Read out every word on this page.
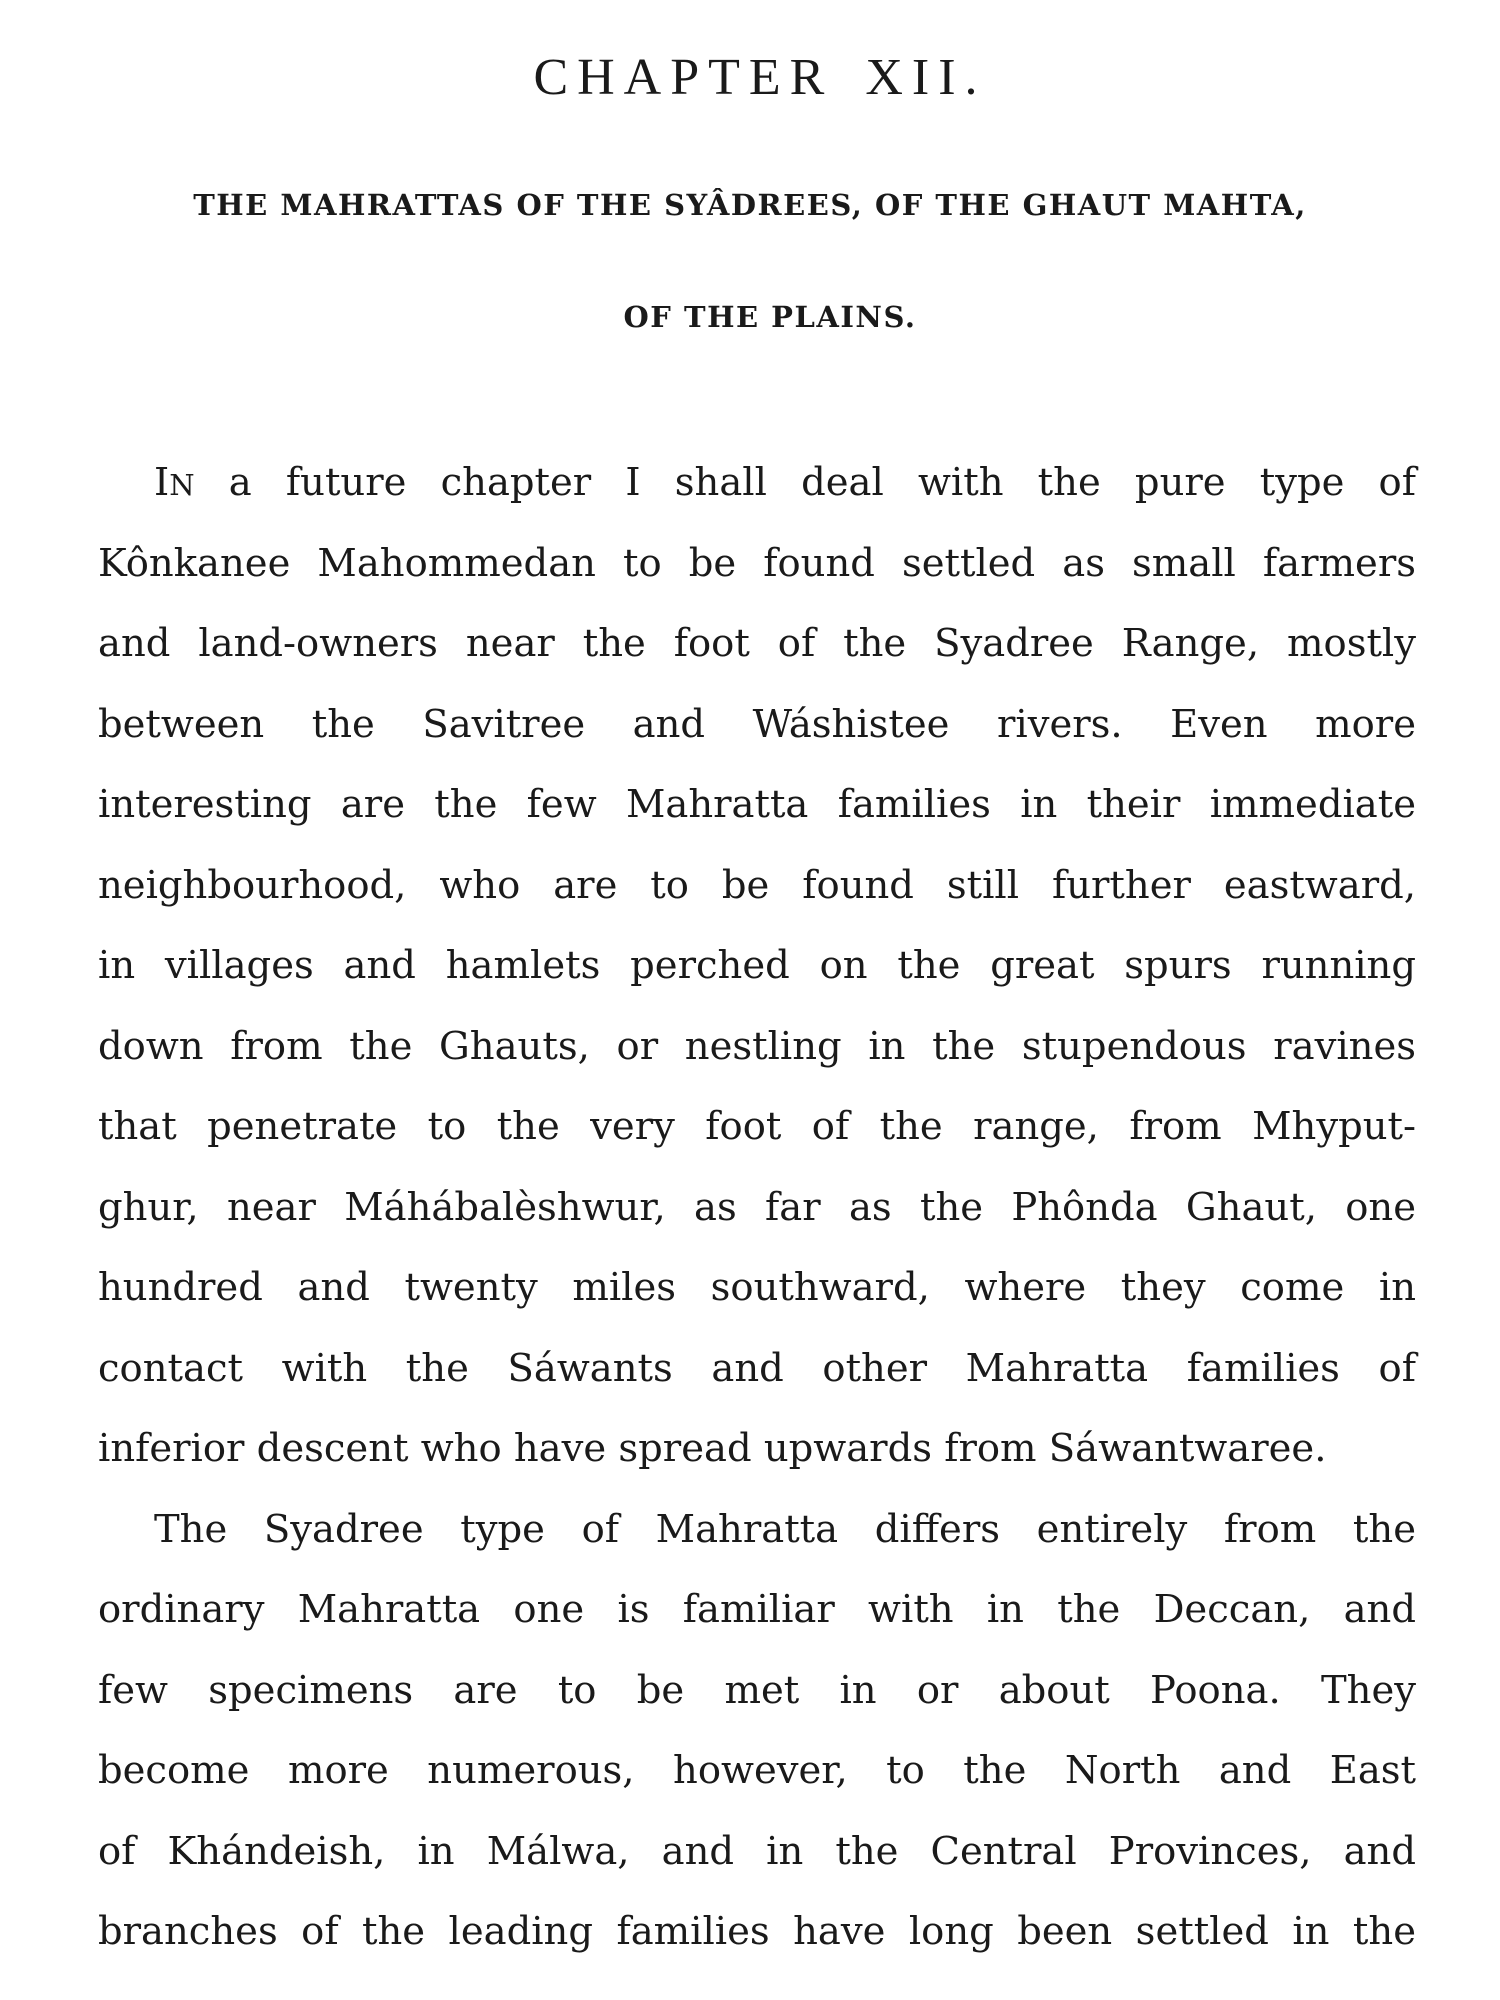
CHAPTER XII.
THE MAHRATTAS OF THE SYÂDREES, OF THE GHAUT MAHTA,
OF THE PLAINS.
IN a future chapter I shall deal with the pure type of
Kônkanee Mahommedan to be found settled as small farmers
and land-owners near the foot of the Syadree Range, mostly
between the Savitree and Wáshistee rivers. Even more
interesting are the few Mahratta families in their immediate
neighbourhood, who are to be found still further eastward,
in villages and hamlets perched on the great spurs running
down from the Ghauts, or nestling in the stupendous ravines
that penetrate to the very foot of the range, from Mhyput-
ghur, near Máhábalèshwur, as far as the Phônda Ghaut, one
hundred and twenty miles southward, where they come in
contact with the Sáwants and other Mahratta families of
inferior descent who have spread upwards from Sáwantwaree.
The Syadree type of Mahratta differs entirely from the
ordinary Mahratta one is familiar with in the Deccan, and
few specimens are to be met in or about Poona. They
become more numerous, however, to the North and East
of Khándeish, in Málwa, and in the Central Provinces, and
branches of the leading families have long been settled in the
